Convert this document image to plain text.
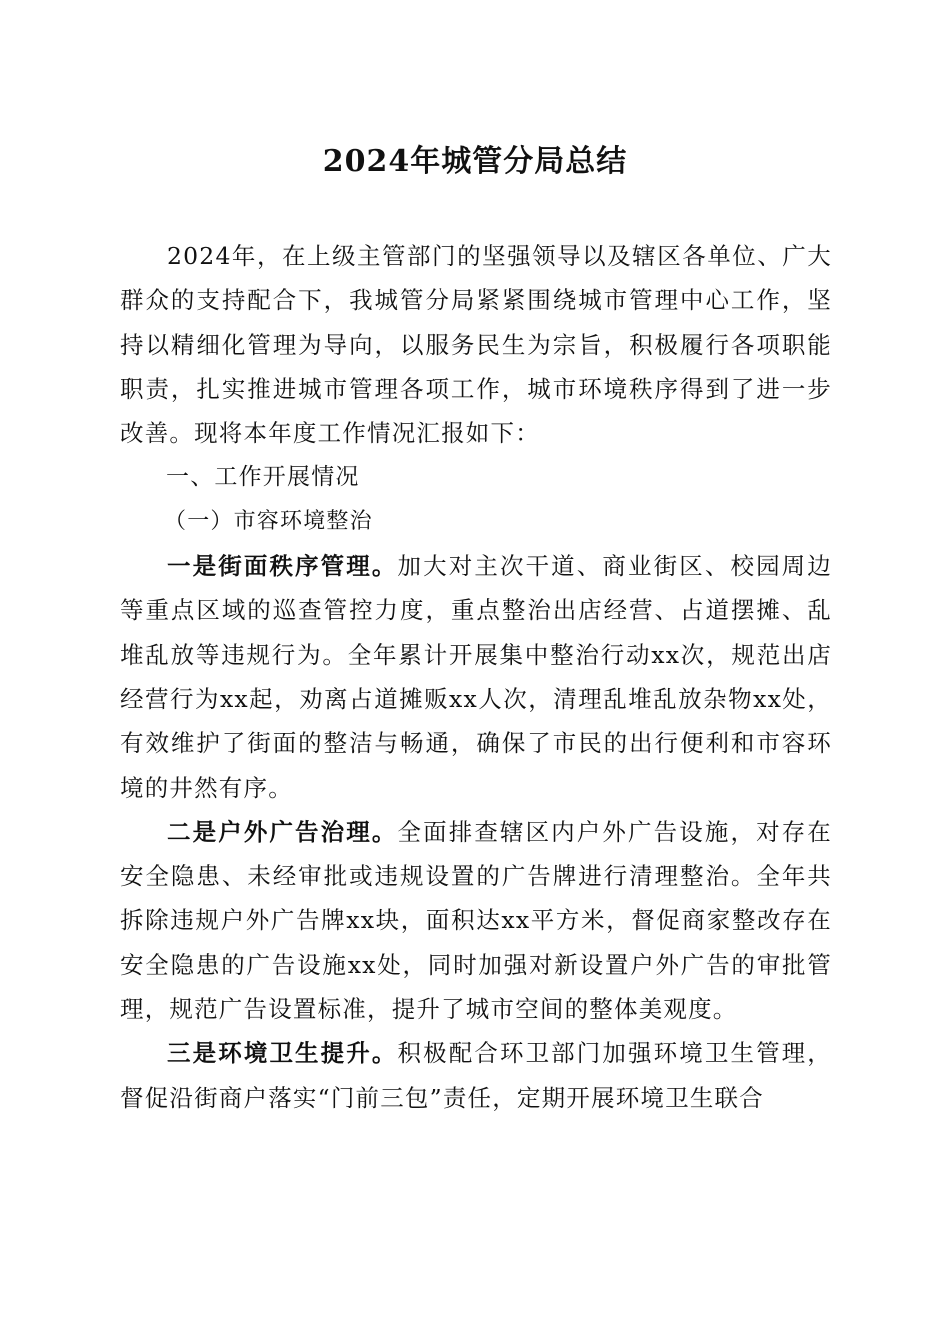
2024年城管分局总结

2024年，在上级主管部门的坚强领导以及辖区各单位、广大群众的支持配合下，我城管分局紧紧围绕城市管理中心工作，坚持以精细化管理为导向，以服务民生为宗旨，积极履行各项职能职责，扎实推进城市管理各项工作，城市环境秩序得到了进一步改善。现将本年度工作情况汇报如下：

一、工作开展情况

（一）市容环境整治

一是街面秩序管理。加大对主次干道、商业街区、校园周边等重点区域的巡查管控力度，重点整治出店经营、占道摆摊、乱堆乱放等违规行为。全年累计开展集中整治行动xx次，规范出店经营行为xx起，劝离占道摊贩xx人次，清理乱堆乱放杂物xx处，有效维护了街面的整洁与畅通，确保了市民的出行便利和市容环境的井然有序。

二是户外广告治理。全面排查辖区内户外广告设施，对存在安全隐患、未经审批或违规设置的广告牌进行清理整治。全年共拆除违规户外广告牌xx块，面积达xx平方米，督促商家整改存在安全隐患的广告设施xx处，同时加强对新设置户外广告的审批管理，规范广告设置标准，提升了城市空间的整体美观度。

三是环境卫生提升。积极配合环卫部门加强环境卫生管理，督促沿街商户落实“门前三包”责任，定期开展环境卫生联合
